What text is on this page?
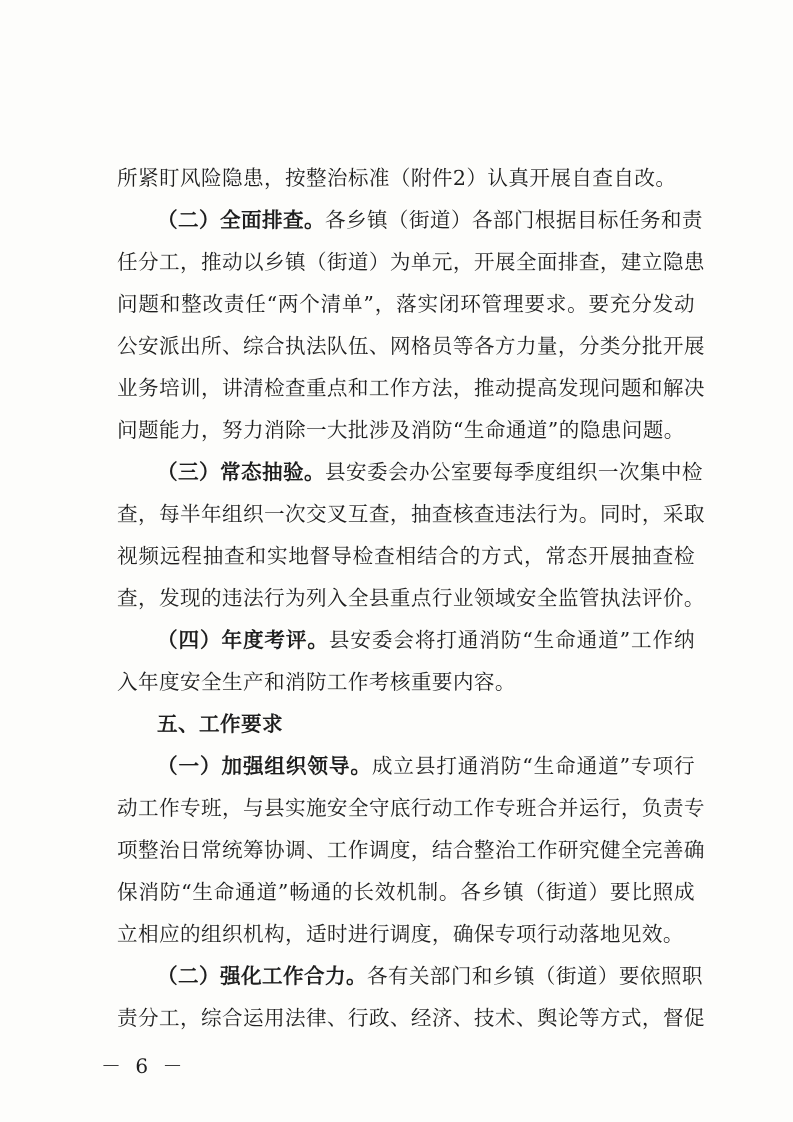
所紧盯风险隐患，按整治标准（附件2）认真开展自查自改。
（二）全面排查。各乡镇（街道）各部门根据目标任务和责
任分工，推动以乡镇（街道）为单元，开展全面排查，建立隐患
问题和整改责任“两个清单”，落实闭环管理要求。要充分发动
公安派出所、综合执法队伍、网格员等各方力量，分类分批开展
业务培训，讲清检查重点和工作方法，推动提高发现问题和解决
问题能力，努力消除一大批涉及消防“生命通道”的隐患问题。
（三）常态抽验。县安委会办公室要每季度组织一次集中检
查，每半年组织一次交叉互查，抽查核查违法行为。同时，采取
视频远程抽查和实地督导检查相结合的方式，常态开展抽查检
查，发现的违法行为列入全县重点行业领域安全监管执法评价。
（四）年度考评。县安委会将打通消防“生命通道”工作纳
入年度安全生产和消防工作考核重要内容。
五、工作要求
（一）加强组织领导。成立县打通消防“生命通道”专项行
动工作专班，与县实施安全守底行动工作专班合并运行，负责专
项整治日常统筹协调、工作调度，结合整治工作研究健全完善确
保消防“生命通道”畅通的长效机制。各乡镇（街道）要比照成
立相应的组织机构，适时进行调度，确保专项行动落地见效。
（二）强化工作合力。各有关部门和乡镇（街道）要依照职
责分工，综合运用法律、行政、经济、技术、舆论等方式，督促
－ 6 －
